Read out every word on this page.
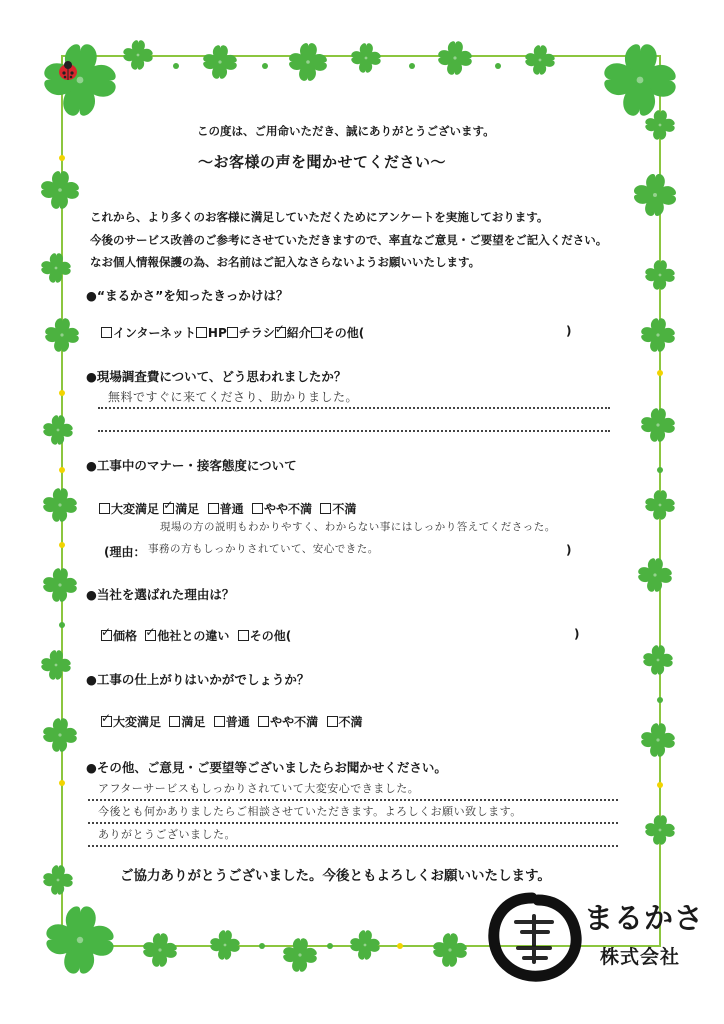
この度は、ご用命いただき、誠にありがとうございます。
〜お客様の声を聞かせてください〜
これから、より多くのお客様に満足していただくためにアンケートを実施しております。
今後のサービス改善のご参考にさせていただきますので、率直なご意見・ご要望をご記入ください。
なお個人情報保護の為、お名前はご記入なさらないようお願いいたします。
●“まるかさ”を知ったきっかけは？
インターネット HP チラシ ✓ 紹介 その他(	)
●現場調査費について、どう思われましたか？
無料ですぐに来てくださり、助かりました。
●工事中のマナー・接客態度について
大変満足 ✓ 満足 普通 やや不満 不満
現場の方の説明もわかりやすく、わからない事にはしっかり答えてくださった。
(理由： 事務の方もしっかりされていて、安心できた。	)
●当社を選ばれた理由は？
✓価格 ✓ 他社との違い その他(	)
●工事の仕上がりはいかがでしょうか？
✓大変満足 満足 普通 やや不満 不満
●その他、ご意見・ご要望等ございましたらお聞かせください。
アフターサービスもしっかりされていて大変安心できました。
今後とも何かありましたらご相談させていただきます。よろしくお願い致します。
ありがとうございました。
ご協力ありがとうございました。今後ともよろしくお願いいたします。
まるかさ
株式会社
